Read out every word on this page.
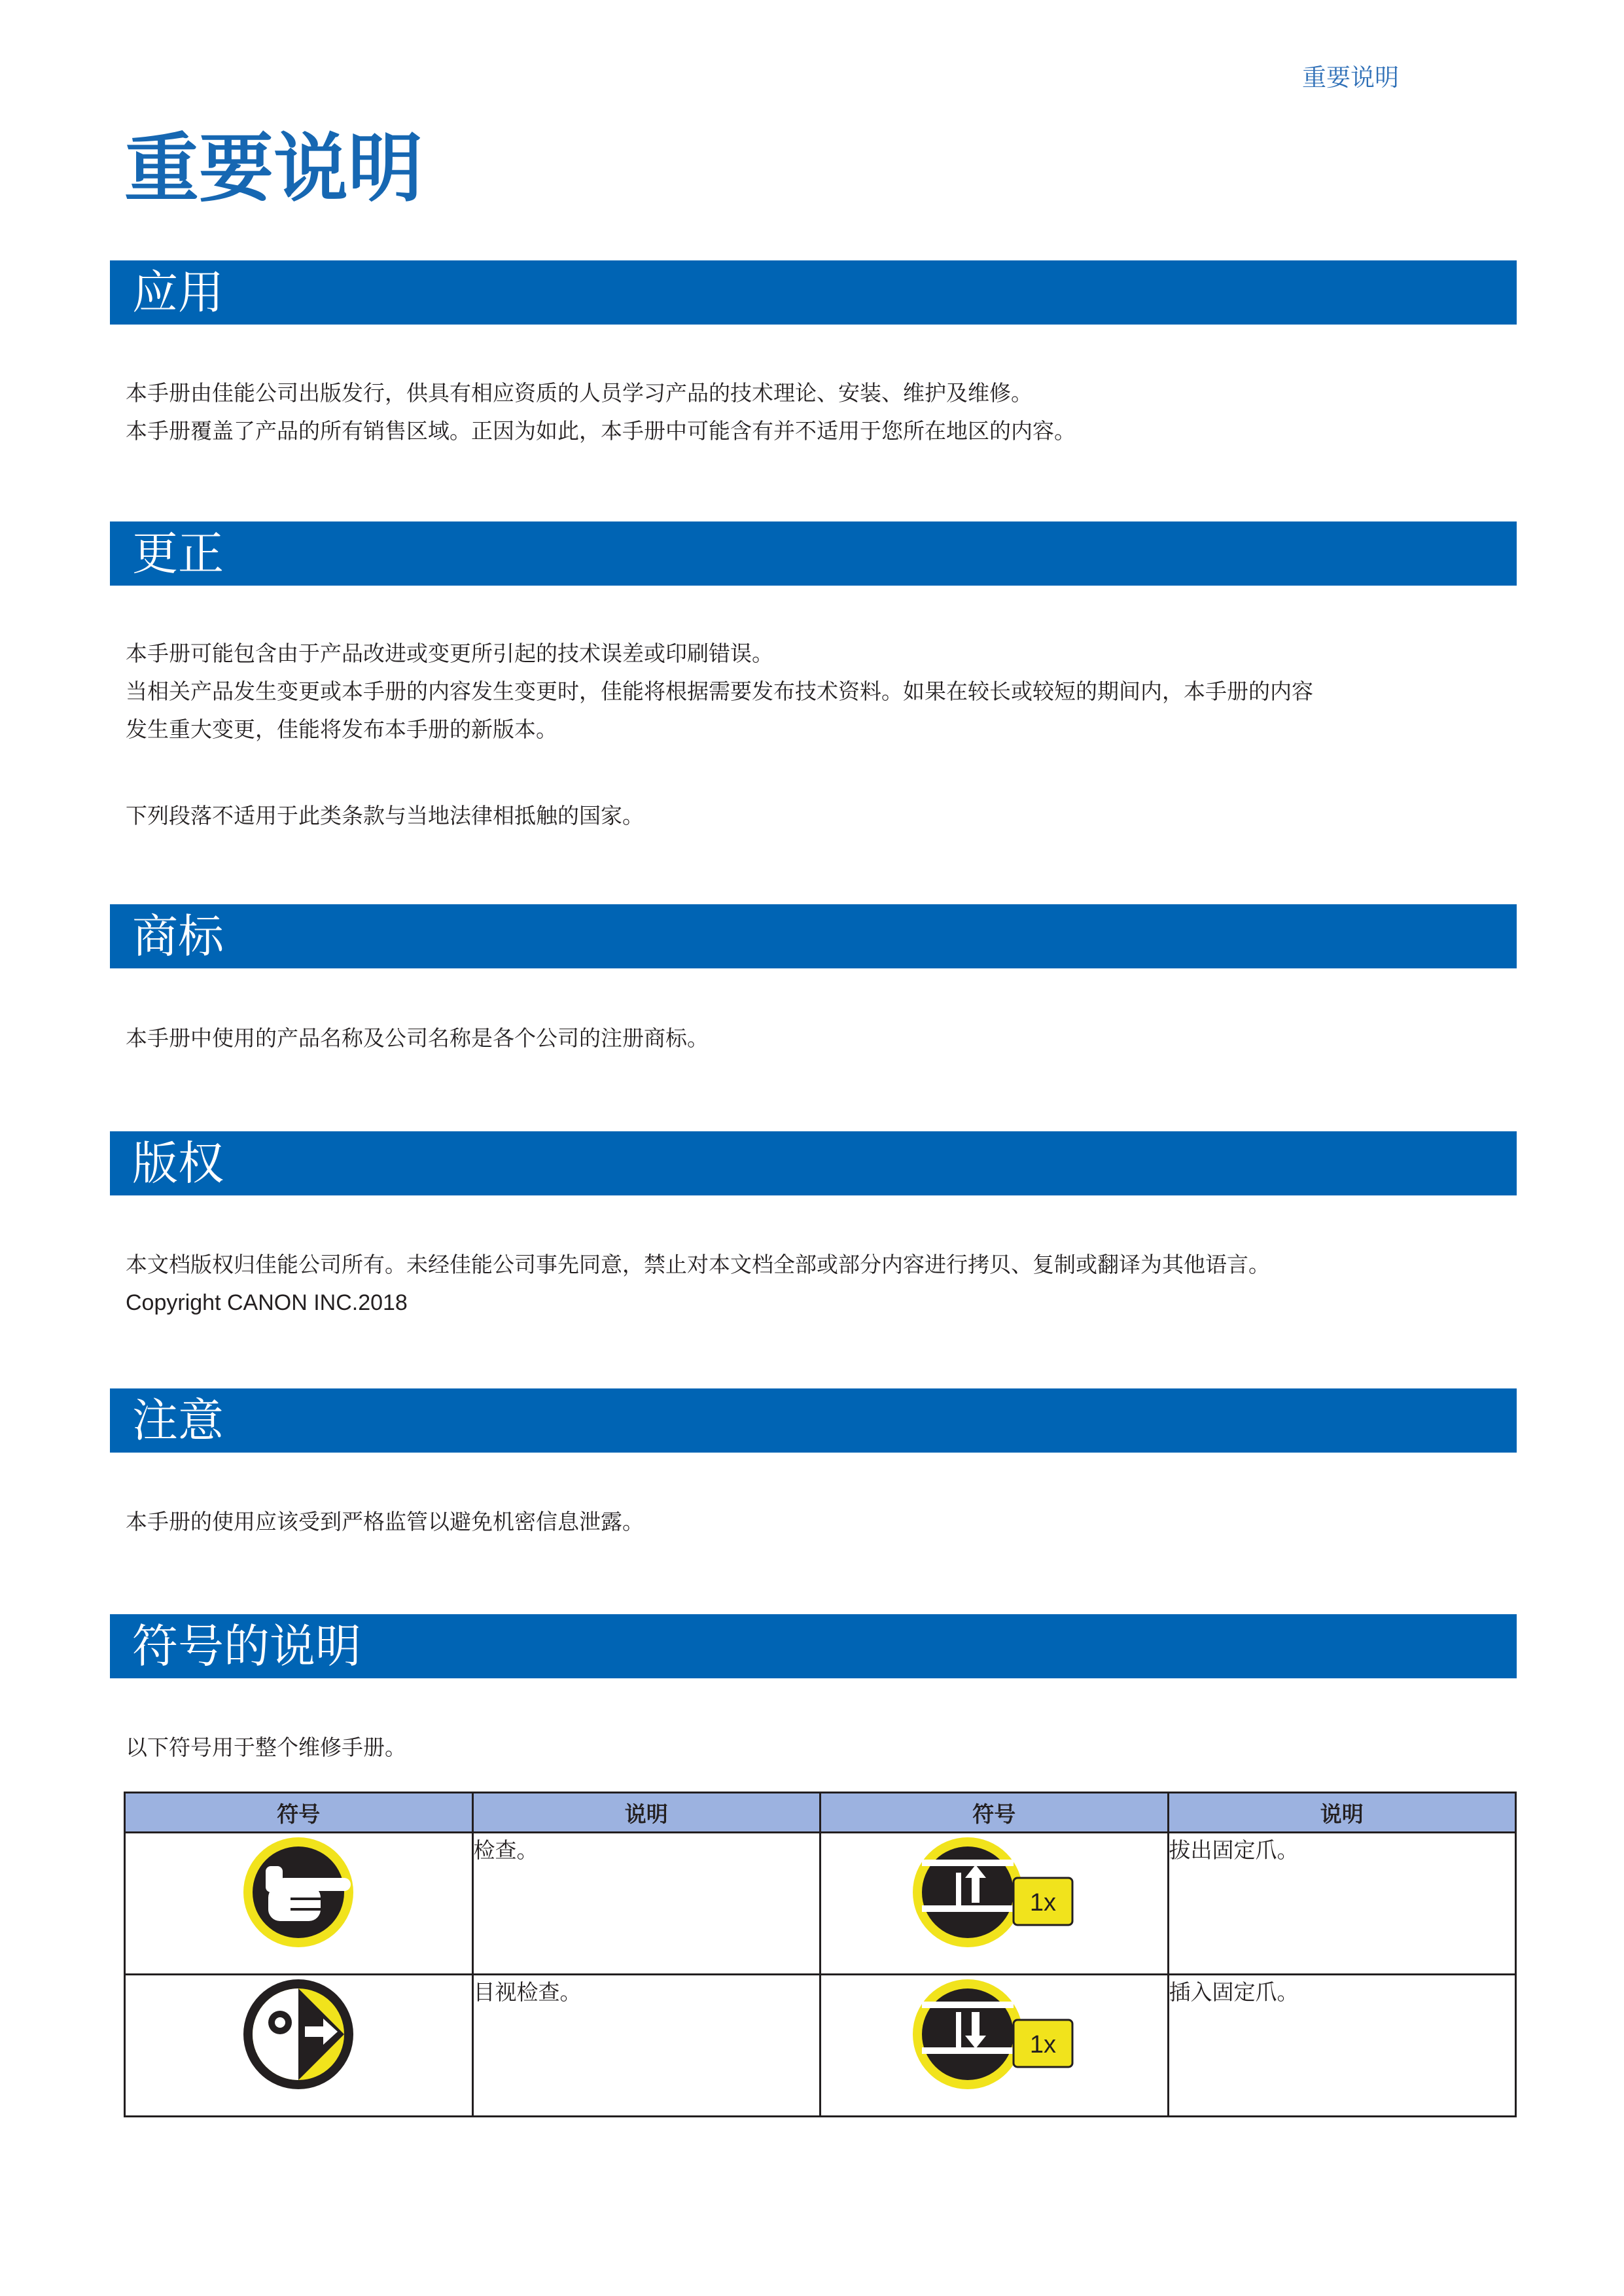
重要说明
重要说明
应用
本手册由佳能公司出版发行，供具有相应资质的人员学习产品的技术理论、安装、维护及维修。
本手册覆盖了产品的所有销售区域。正因为如此，本手册中可能含有并不适用于您所在地区的内容。
更正
本手册可能包含由于产品改进或变更所引起的技术误差或印刷错误。
当相关产品发生变更或本手册的内容发生变更时，佳能将根据需要发布技术资料。如果在较长或较短的期间内，本手册的内容
发生重大变更，佳能将发布本手册的新版本。
下列段落不适用于此类条款与当地法律相抵触的国家。
商标
本手册中使用的产品名称及公司名称是各个公司的注册商标。
版权
本文档版权归佳能公司所有。未经佳能公司事先同意，禁止对本文档全部或部分内容进行拷贝、复制或翻译为其他语言。
Copyright CANON INC.2018
注意
本手册的使用应该受到严格监管以避免机密信息泄露。
符号的说明
以下符号用于整个维修手册。
符号	说明	符号	说明
	检查。	1x	拔出固定爪。
	目视检查。	1x	插入固定爪。
